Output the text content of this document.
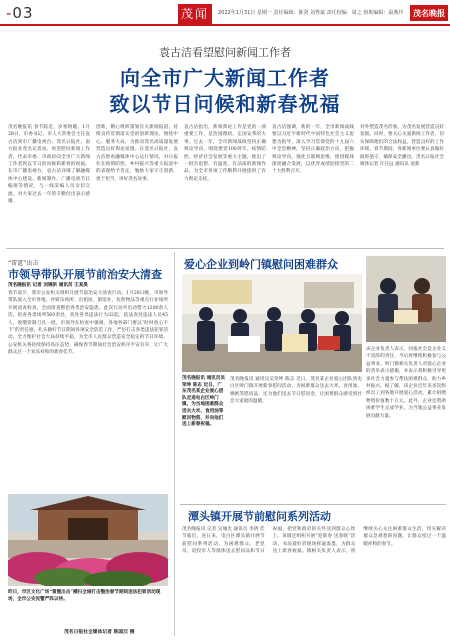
-03	茂闻	2022年1月31日 星期一 责任编辑：陈剑 刘秀斌 责任校编：周之 值班编辑：温燕玲	茂名晚报
袁古洁看望慰问新闻工作者
向全市广大新闻工作者
致以节日问候和新春祝福
茂名晚报讯 春节临近，岁寒情暖。1月28日，市委书记、市人大常委会主任袁古洁到市广播电视台、茂名日报社、南方报业茂名记者站，看望慰问新闻工作者，代表市委、市政府向全市广大新闻工作者致以节日的问候和新春的祝福。在市广播电视台，袁古洁详细了解融媒体中心建设、新闻制作、广播电视节目编排等情况，与一线采编人员亲切交流，对大家过去一年的辛勤付出表示感谢。
创新，精心组织策划有关新闻报道，持续宣传贯彻落实党的创新理论，围绕中心、服务大局，为推动茂名高质量发展营造良好舆论氛围。在茂名日报社，袁古洁察看融媒体中心运行情况，对日报社在疫情防控、乡村振兴等重大报道中的表现给予肯定，勉励大家守正创新、勇于担当，讲好茂名故事。
袁古洁指出，新闻舆论工作是党的一项重要工作，是治国理政、定国安邦的大事。过去一年，全市新闻战线坚持正确舆论导向，围绕建党100周年、疫情防控、经济社会发展等重大主题，推出了一批有思想、有温度、有品质的新闻作品，为全市各项工作顺利开展提供了有力舆论支持。
袁古洁强调，新的一年，全市新闻战线要以习近平新时代中国特色社会主义思想为指导，深入学习贯彻党的十九届六中全会精神，坚持正确政治方向，把握舆论导向，强化互联网思维，推进媒体深度融合发展，以优异成绩迎接党的二十大胜利召开。
对外塑造茂名形象，为茂名发展营造良好氛围。同时，要关心关爱新闻工作者，切实保障他们的合法权益，营造良好的工作环境。春节期间，各新闻单位要认真做好值班值守，确保安全播出。茂名日报社全媒体记者 许任远 通讯员 洗新
“雷霆”出击
市领导带队开展节前治安大清查
茂名晚报讯 记者 刘锦洪 通讯员 王其昊
春节前夕，我市公安机关组织开展节前治安大清查行动。1月28日晚，市领导带队深入全市各地，对娱乐场所、出租屋、旅馆业、危险物品等重点行业场所开展清查检查，全面排查整治各类治安隐患。此次行动共出动警力1200余人次，检查各类场所560余处，查处各类违法行为32起，依法查处违法人员45人，收缴管制刀具一批。市领导在检查中强调，各地各部门要以“时时放心不下”的责任感，扎实做好节日期间各项安全防范工作，严厉打击各类违法犯罪活动，全力维护社会大局持续平稳，为全市人民群众营造安全稳定的节日环境。公安机关将持续保持高压态势，确保春节期间社会治安秩序平安有序，让广大群众过一个欢乐祥和的新春佳节。
昨日，市区文化广场“雷霆出击”横扫全城打击整治春节期间违法犯罪活动现场，全市公安民警严阵以待。
茂名日报社全媒体记者 陈国汉 摄
爱心企业到岭门镇慰问困难群众
该企业负责人表示，回报社会是企业义不容辞的责任，今后将继续积极参与公益事业。岭门镇相关负责人对爱心企业的善举表示感谢，并表示将积极引导更多社会力量参与帮扶困难群众，助力乡村振兴。据了解，该企业近年来多次组织员工到各地开展爱心活动，累计捐赠物资价值数十万元。此外，企业还资助困难学生完成学业，为当地公益事业发展贡献力量。
茂名晚报讯 通讯员吴荣坤 陈志 近日，广东茂名某企业爱心团队走进电白区岭门镇，为当地困难群众送去大米、食用油等慰问物资，并向他们送上新春祝福。
茂名晚报讯 通讯员吴荣坤 陈志 近日，茂名某企业爱心团队到电白区岭门镇开展新春慰问活动，为困难群众送去大米、食用油、棉被等慰问品，还为他们送去节日慰问金，让困难群众感受到社会大家庭的温暖。
潭头镇开展节前慰问系列活动
茂名晚报讯 记者 吴城光 通讯员 李倩 佳节临近，连日来，电白区潭头镇开展节前慰问系列活动，为困难群众、老党员、退役军人等群体送去慰问品和节日祝福，把党和政府的关怀送到群众心坎上。该镇还组织开展“迎新春 送春联”活动，书法爱好者现场挥毫泼墨，为群众送上新春祝福。镇相关负责人表示，将继续关心关注困难群众生活，切实解决群众急难愁盼问题，让群众度过一个温暖祥和的春节。
